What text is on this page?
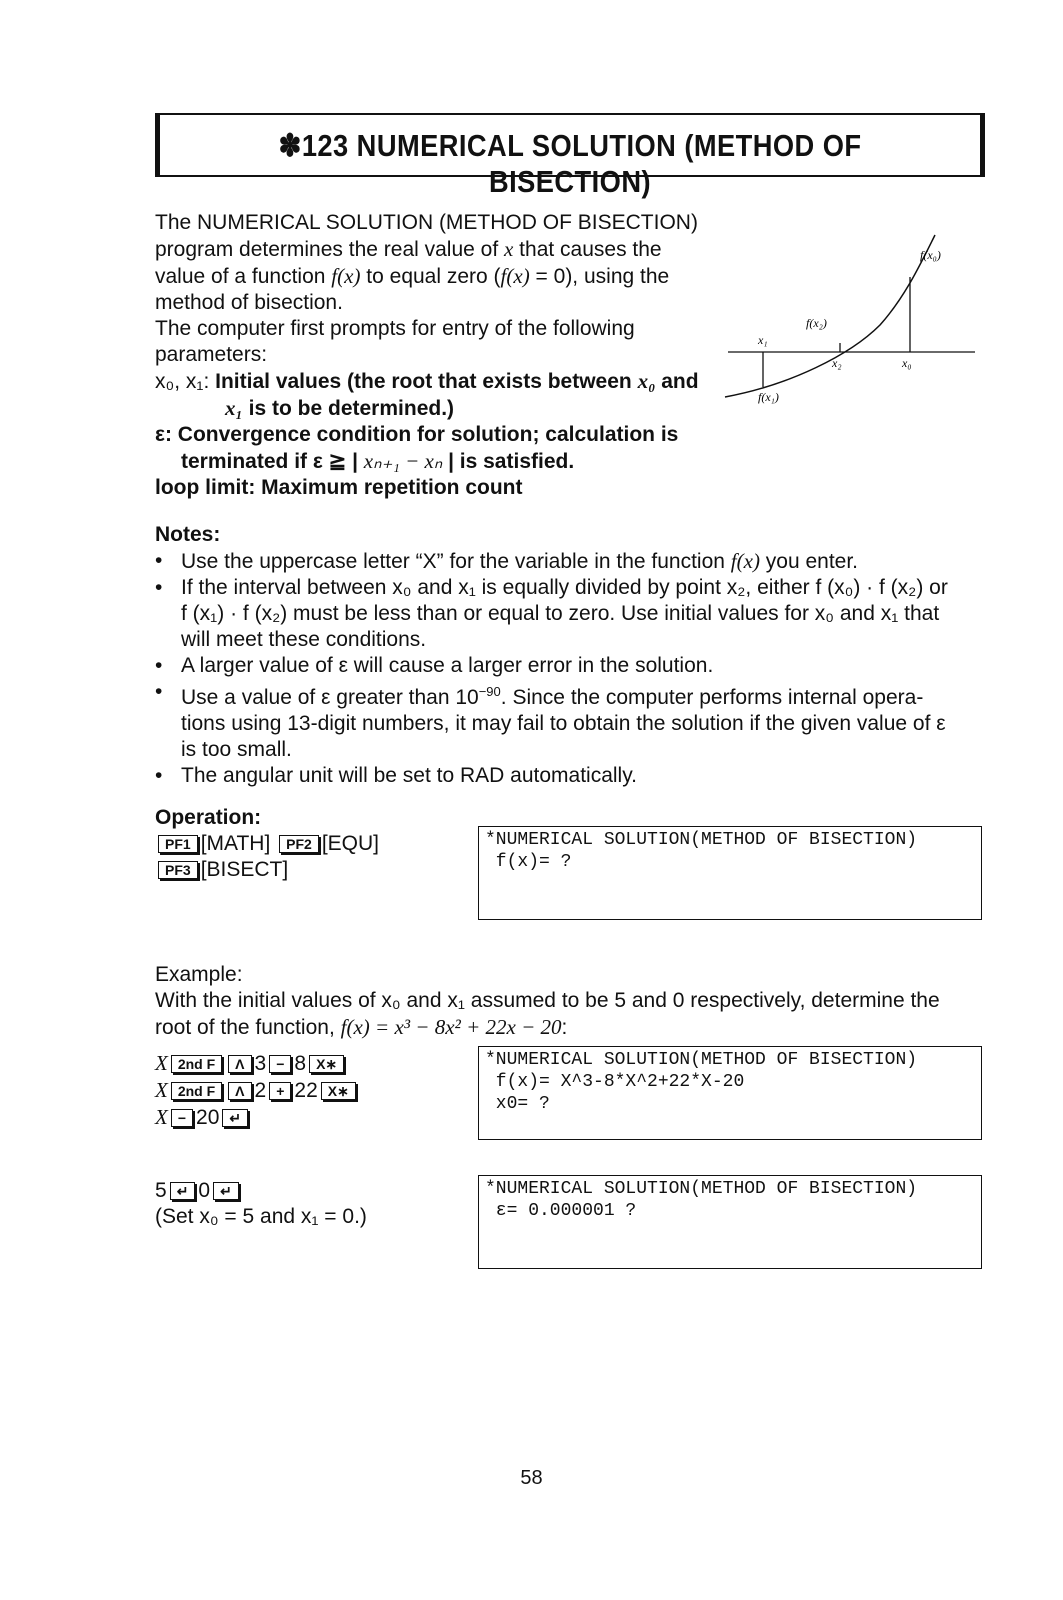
✽123 NUMERICAL SOLUTION (METHOD OF BISECTION)
The NUMERICAL SOLUTION (METHOD OF BISECTION)
program determines the real value of x that causes the
value of a function f(x) to equal zero (f(x) = 0), using the
method of bisection.
The computer first prompts for entry of the following
parameters:
x₀, x₁: Initial values (the root that exists between x₀ and
x₁ is to be determined.)
ε: Convergence condition for solution; calculation is
terminated if ε ≧ | xₙ₊₁ − xₙ | is satisfied.
loop limit: Maximum repetition count
f(x₀)
f(x₂)
f(x₁)
x₁
x₂	x₀
Notes:
• Use the uppercase letter “X” for the variable in the function f(x) you enter.
• If the interval between x₀ and x₁ is equally divided by point x₂, either f (x₀) · f (x₂) or
f (x₁) · f (x₂) must be less than or equal to zero. Use initial values for x₀ and x₁ that
will meet these conditions.
• A larger value of ε will cause a larger error in the solution.
• Use a value of ε greater than $10^{-90}$. Since the computer performs internal opera-
tions using 13-digit numbers, it may fail to obtain the solution if the given value of ε
is too small.
• The angular unit will be set to RAD automatically.
Operation:
PF1 [MATH] PF2 [EQU]
PF3 [BISECT]
*NUMERICAL SOLUTION(METHOD OF BISECTION)
f(x)= ?
Example:
With the initial values of x₀ and x₁ assumed to be 5 and 0 respectively, determine the
root of the function, f(x) = x³ − 8x² + 22x − 20:
X 2nd F Λ 3 − 8 X∗
X 2nd F Λ 2 + 22 X∗
X − 20 ↵
*NUMERICAL SOLUTION(METHOD OF BISECTION)
f(x)= X^3-8*X^2+22*X-20
x0= ?
5 ↵ 0 ↵
(Set x₀ = 5 and x₁ = 0.)
*NUMERICAL SOLUTION(METHOD OF BISECTION)
ε= 0.000001 ?
58
